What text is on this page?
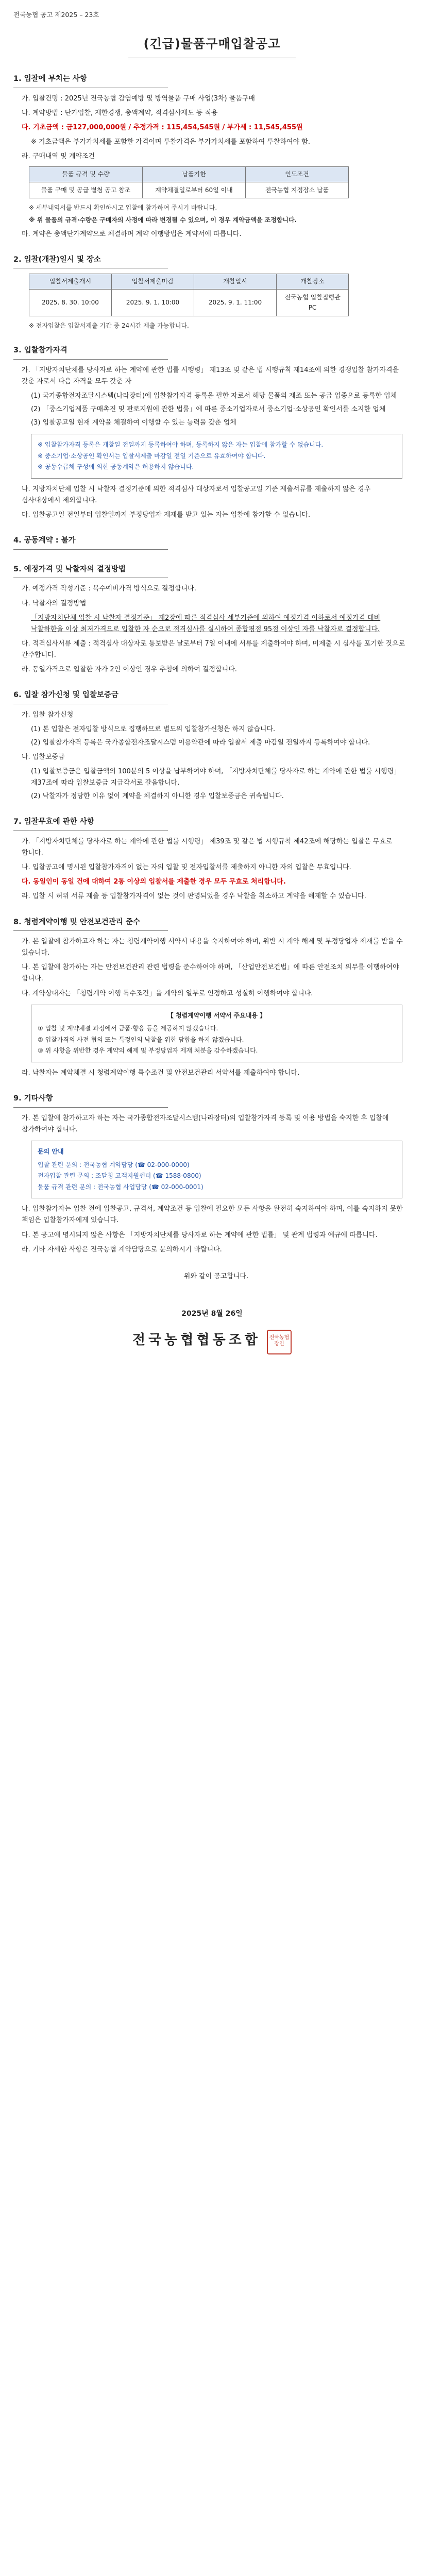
전국농협 공고 제2025 – 23호
(긴급)물품구매입찰공고
1. 입찰에 부치는 사항
가. 입찰건명 : 2025년 전국농협 감염예방 및 방역물품 구매 사업(3차) 물품구매
나. 계약방법 : 단가입찰, 제한경쟁, 총액계약, 적격심사제도 등 적용
다. 기초금액 : 금127,000,000원 / 추정가격 : 115,454,545원 / 부가세 : 11,545,455원
※ 기초금액은 부가가치세를 포함한 가격이며 투찰가격은 부가가치세를 포함하여 투찰하여야 함.
라. 구매내역 및 계약조건
물품 규격 및 수량	납품기한	인도조건
물품 구매 및 공급 별첨 공고 참조	계약체결일로부터 60일 이내	전국농협 지정장소 납품
※ 세부내역서를 반드시 확인하시고 입찰에 참가하여 주시기 바랍니다.
※ 위 물품의 규격·수량은 구매자의 사정에 따라 변경될 수 있으며, 이 경우 계약금액을 조정합니다.
마. 계약은 총액단가계약으로 체결하며 계약 이행방법은 계약서에 따릅니다.
2. 입찰(개찰)일시 및 장소
입찰서제출개시	입찰서제출마감	개찰일시	개찰장소
2025. 8. 30. 10:00	2025. 9. 1. 10:00	2025. 9. 1. 11:00	전국농협 입찰집행관 PC
※ 전자입찰은 입찰서제출 기간 중 24시간 제출 가능합니다.
3. 입찰참가자격
가. 「지방자치단체를 당사자로 하는 계약에 관한 법률 시행령」 제13조 및 같은 법 시행규칙 제14조에 의한 경쟁입찰 참가자격을 갖춘 자로서 다음 자격을 모두 갖춘 자
(1) 국가종합전자조달시스템(나라장터)에 입찰참가자격 등록을 필한 자로서 해당 물품의 제조 또는 공급 업종으로 등록한 업체
(2) 「중소기업제품 구매촉진 및 판로지원에 관한 법률」에 따른 중소기업자로서 중소기업·소상공인 확인서를 소지한 업체
(3) 입찰공고일 현재 계약을 체결하여 이행할 수 있는 능력을 갖춘 업체
※ 입찰참가자격 등록은 개찰일 전일까지 등록하여야 하며, 등록하지 않은 자는 입찰에 참가할 수 없습니다.
※ 중소기업·소상공인 확인서는 입찰서제출 마감일 전일 기준으로 유효하여야 합니다.
※ 공동수급체 구성에 의한 공동계약은 허용하지 않습니다.
나. 지방자치단체 입찰 시 낙찰자 결정기준에 의한 적격심사 대상자로서 입찰공고일 기준 제출서류를 제출하지 않은 경우 심사대상에서 제외합니다.
다. 입찰공고일 전일부터 입찰일까지 부정당업자 제재를 받고 있는 자는 입찰에 참가할 수 없습니다.
4. 공동계약 : 불가
5. 예정가격 및 낙찰자의 결정방법
가. 예정가격 작성기준 : 복수예비가격 방식으로 결정합니다.
나. 낙찰자의 결정방법
「지방자치단체 입찰 시 낙찰자 결정기준」 제2장에 따른 적격심사 세부기준에 의하여 예정가격 이하로서 예정가격 대비 낙찰하한율 이상 최저가격으로 입찰한 자 순으로 적격심사를 실시하여 종합평점 95점 이상인 자를 낙찰자로 결정합니다.
다. 적격심사서류 제출 : 적격심사 대상자로 통보받은 날로부터 7일 이내에 서류를 제출하여야 하며, 미제출 시 심사를 포기한 것으로 간주합니다.
라. 동일가격으로 입찰한 자가 2인 이상인 경우 추첨에 의하여 결정합니다.
6. 입찰 참가신청 및 입찰보증금
가. 입찰 참가신청
(1) 본 입찰은 전자입찰 방식으로 집행하므로 별도의 입찰참가신청은 하지 않습니다.
(2) 입찰참가자격 등록은 국가종합전자조달시스템 이용약관에 따라 입찰서 제출 마감일 전일까지 등록하여야 합니다.
나. 입찰보증금
(1) 입찰보증금은 입찰금액의 100분의 5 이상을 납부하여야 하며, 「지방자치단체를 당사자로 하는 계약에 관한 법률 시행령」 제37조에 따라 입찰보증금 지급각서로 갈음합니다.
(2) 낙찰자가 정당한 이유 없이 계약을 체결하지 아니한 경우 입찰보증금은 귀속됩니다.
7. 입찰무효에 관한 사항
가. 「지방자치단체를 당사자로 하는 계약에 관한 법률 시행령」 제39조 및 같은 법 시행규칙 제42조에 해당하는 입찰은 무효로 합니다.
나. 입찰공고에 명시된 입찰참가자격이 없는 자의 입찰 및 전자입찰서를 제출하지 아니한 자의 입찰은 무효입니다.
다. 동일인이 동일 건에 대하여 2통 이상의 입찰서를 제출한 경우 모두 무효로 처리합니다.
라. 입찰 시 허위 서류 제출 등 입찰참가자격이 없는 것이 판명되었을 경우 낙찰을 취소하고 계약을 해제할 수 있습니다.
8. 청렴계약이행 및 안전보건관리 준수
가. 본 입찰에 참가하고자 하는 자는 청렴계약이행 서약서 내용을 숙지하여야 하며, 위반 시 계약 해제 및 부정당업자 제재를 받을 수 있습니다.
나. 본 입찰에 참가하는 자는 안전보건관리 관련 법령을 준수하여야 하며, 「산업안전보건법」에 따른 안전조치 의무를 이행하여야 합니다.
다. 계약상대자는 「청렴계약 이행 특수조건」을 계약의 일부로 인정하고 성실히 이행하여야 합니다.
【 청렴계약이행 서약서 주요내용 】
① 입찰 및 계약체결 과정에서 금품·향응 등을 제공하지 않겠습니다.
② 입찰가격의 사전 협의 또는 특정인의 낙찰을 위한 담합을 하지 않겠습니다.
③ 위 사항을 위반한 경우 계약의 해제 및 부정당업자 제재 처분을 감수하겠습니다.
라. 낙찰자는 계약체결 시 청렴계약이행 특수조건 및 안전보건관리 서약서를 제출하여야 합니다.
9. 기타사항
가. 본 입찰에 참가하고자 하는 자는 국가종합전자조달시스템(나라장터)의 입찰참가자격 등록 및 이용 방법을 숙지한 후 입찰에 참가하여야 합니다.
문의 안내
입찰 관련 문의 : 전국농협 계약담당 (☎ 02-000-0000)
전자입찰 관련 문의 : 조달청 고객지원센터 (☎ 1588-0800)
물품 규격 관련 문의 : 전국농협 사업담당 (☎ 02-000-0001)
나. 입찰참가자는 입찰 전에 입찰공고, 규격서, 계약조건 등 입찰에 필요한 모든 사항을 완전히 숙지하여야 하며, 이를 숙지하지 못한 책임은 입찰참가자에게 있습니다.
다. 본 공고에 명시되지 않은 사항은 「지방자치단체를 당사자로 하는 계약에 관한 법률」 및 관계 법령과 예규에 따릅니다.
라. 기타 자세한 사항은 전국농협 계약담당으로 문의하시기 바랍니다.
위와 같이 공고합니다.
2025년 8월 26일
전국농협협동조합 전국농협장인
